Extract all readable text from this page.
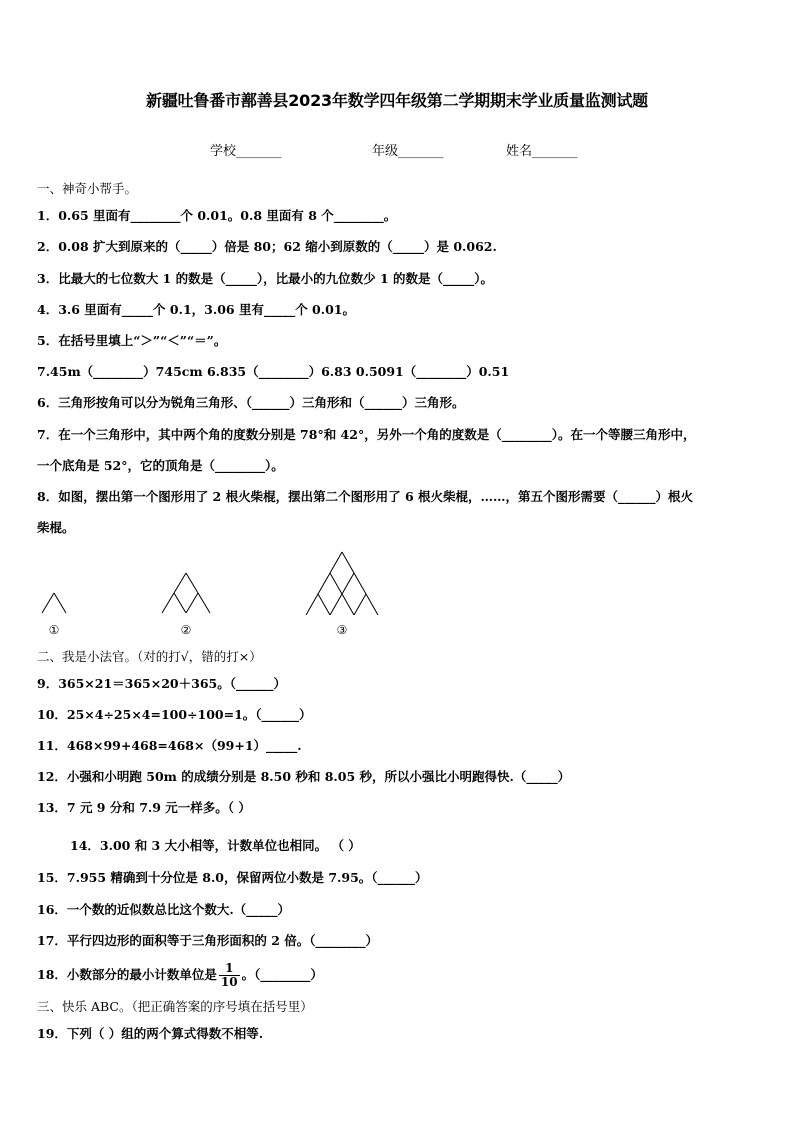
新疆吐鲁番市鄯善县2023年数学四年级第二学期期末学业质量监测试题
学校_______	年级_______	姓名_______
一、神奇小帮手。
1．0.65 里面有________个 0.01。0.8 里面有 8 个________。
2．0.08 扩大到原来的（_____）倍是 80；62 缩小到原数的（_____）是 0.062.
3．比最大的七位数大 1 的数是（_____），比最小的九位数少 1 的数是（_____）。
4．3.6 里面有_____个 0.1，3.06 里有_____个 0.01。
5．在括号里填上“＞”“＜”“＝”。
7.45m（________）745cm 6.835（________）6.83 0.5091（________）0.51
6．三角形按角可以分为锐角三角形、（______）三角形和（______）三角形。
7．在一个三角形中，其中两个角的度数分别是 78°和 42°，另外一个角的度数是（________）。在一个等腰三角形中，
一个底角是 52°，它的顶角是（________）。
8．如图，摆出第一个图形用了 2 根火柴棍，摆出第二个图形用了 6 根火柴棍，……，第五个图形需要（______）根火
柴棍。
①	②	③
二、我是小法官。（对的打√，错的打×）
9．365×21＝365×20＋365。（______）
10．25×4÷25×4=100÷100=1。（______）
11．468×99+468=468×（99+1）_____.
12．小强和小明跑 50m 的成绩分别是 8.50 秒和 8.05 秒，所以小强比小明跑得快.（_____）
13．7 元 9 分和 7.9 元一样多。（ ）
14．3.00 和 3 大小相等，计数单位也相同。 （ ）
15．7.955 精确到十分位是 8.0，保留两位小数是 7.95。（______）
16．一个数的近似数总比这个数大.（_____）
17．平行四边形的面积等于三角形面积的 2 倍。（________）
18．小数部分的最小计数单位是 $\frac{1}{10}$ 。（________）
三、快乐 ABC。（把正确答案的序号填在括号里）
19．下列（ ）组的两个算式得数不相等.
